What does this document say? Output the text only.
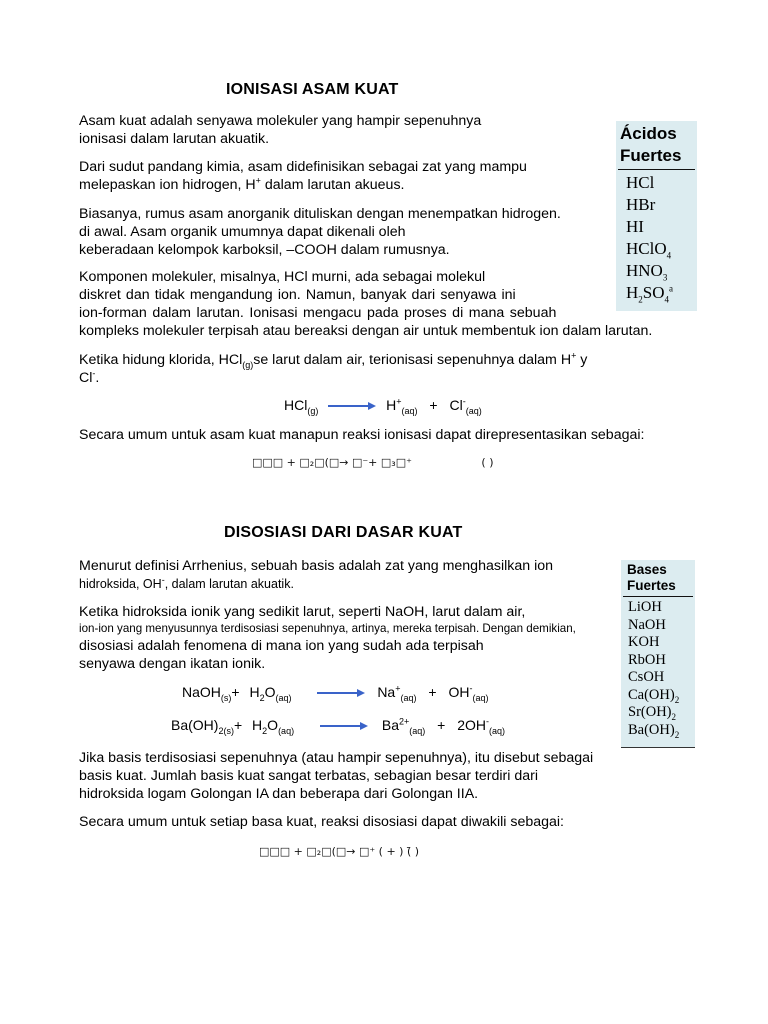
IONISASI ASAM KUAT
Asam kuat adalah senyawa molekuler yang hampir sepenuhnya
ionisasi dalam larutan akuatik.
Dari sudut pandang kimia, asam didefinisikan sebagai zat yang mampu
melepaskan ion hidrogen, H+ dalam larutan akueus.
Biasanya, rumus asam anorganik dituliskan dengan menempatkan hidrogen.
di awal. Asam organik umumnya dapat dikenali oleh
keberadaan kelompok karboksil, –COOH dalam rumusnya.
Komponen molekuler, misalnya, HCl murni, ada sebagai molekul
diskret dan tidak mengandung ion. Namun, banyak dari senyawa ini
ion-forman dalam larutan. Ionisasi mengacu pada proses di mana sebuah
kompleks molekuler terpisah atau bereaksi dengan air untuk membentuk ion dalam larutan.
Ketika hidung klorida, HCl$_{(g)}$se larut dalam air, terionisasi sepenuhnya dalam H+ y
Cl-.
$HCl_{(g)} \to H^+_{(aq)} + Cl^-_{(aq)}$
Secara umum untuk asam kuat manapun reaksi ionisasi dapat direpresentasikan sebagai:
□□□ + □₂□(□→ □⁻+ □₃□⁺	( )
Ácidos
Fuertes
HCl
HBr
HI
HClO$_4$
$HNO_3$
$H_2SO_4^a$
DISOSIASI DARI DASAR KUAT
Menurut definisi Arrhenius, sebuah basis adalah zat yang menghasilkan ion
hidroksida, OH-, dalam larutan akuatik.
Ketika hidroksida ionik yang sedikit larut, seperti NaOH, larut dalam air,
ion-ion yang menyusunnya terdisosiasi sepenuhnya, artinya, mereka terpisah. Dengan demikian,
disosiasi adalah fenomena di mana ion yang sudah ada terpisah
senyawa dengan ikatan ionik.
NaOH$_{(s)}$+ $H_2O_{(aq)} \to Na^+_{(aq)} + OH^-_{(aq)}$
$Ba(OH)_{2(s)}+ H_2O_{(aq)} \to Ba^{2+}_{(aq)} + 2OH^-_{(aq)}$
Jika basis terdisosiasi sepenuhnya (atau hampir sepenuhnya), itu disebut sebagai
basis kuat. Jumlah basis kuat sangat terbatas, sebagian besar terdiri dari
hidroksida logam Golongan IA dan beberapa dari Golongan IIA.
Secara umum untuk setiap basa kuat, reaksi disosiasi dapat diwakili sebagai:
□□□ + □₂□(□→ □⁺ ( + ) (̄ )
Bases
Fuertes
LiOH
NaOH
KOH
RbOH
CsOH
$Ca(OH)_2$
$Sr(OH)_2$
$Ba(OH)_2$
